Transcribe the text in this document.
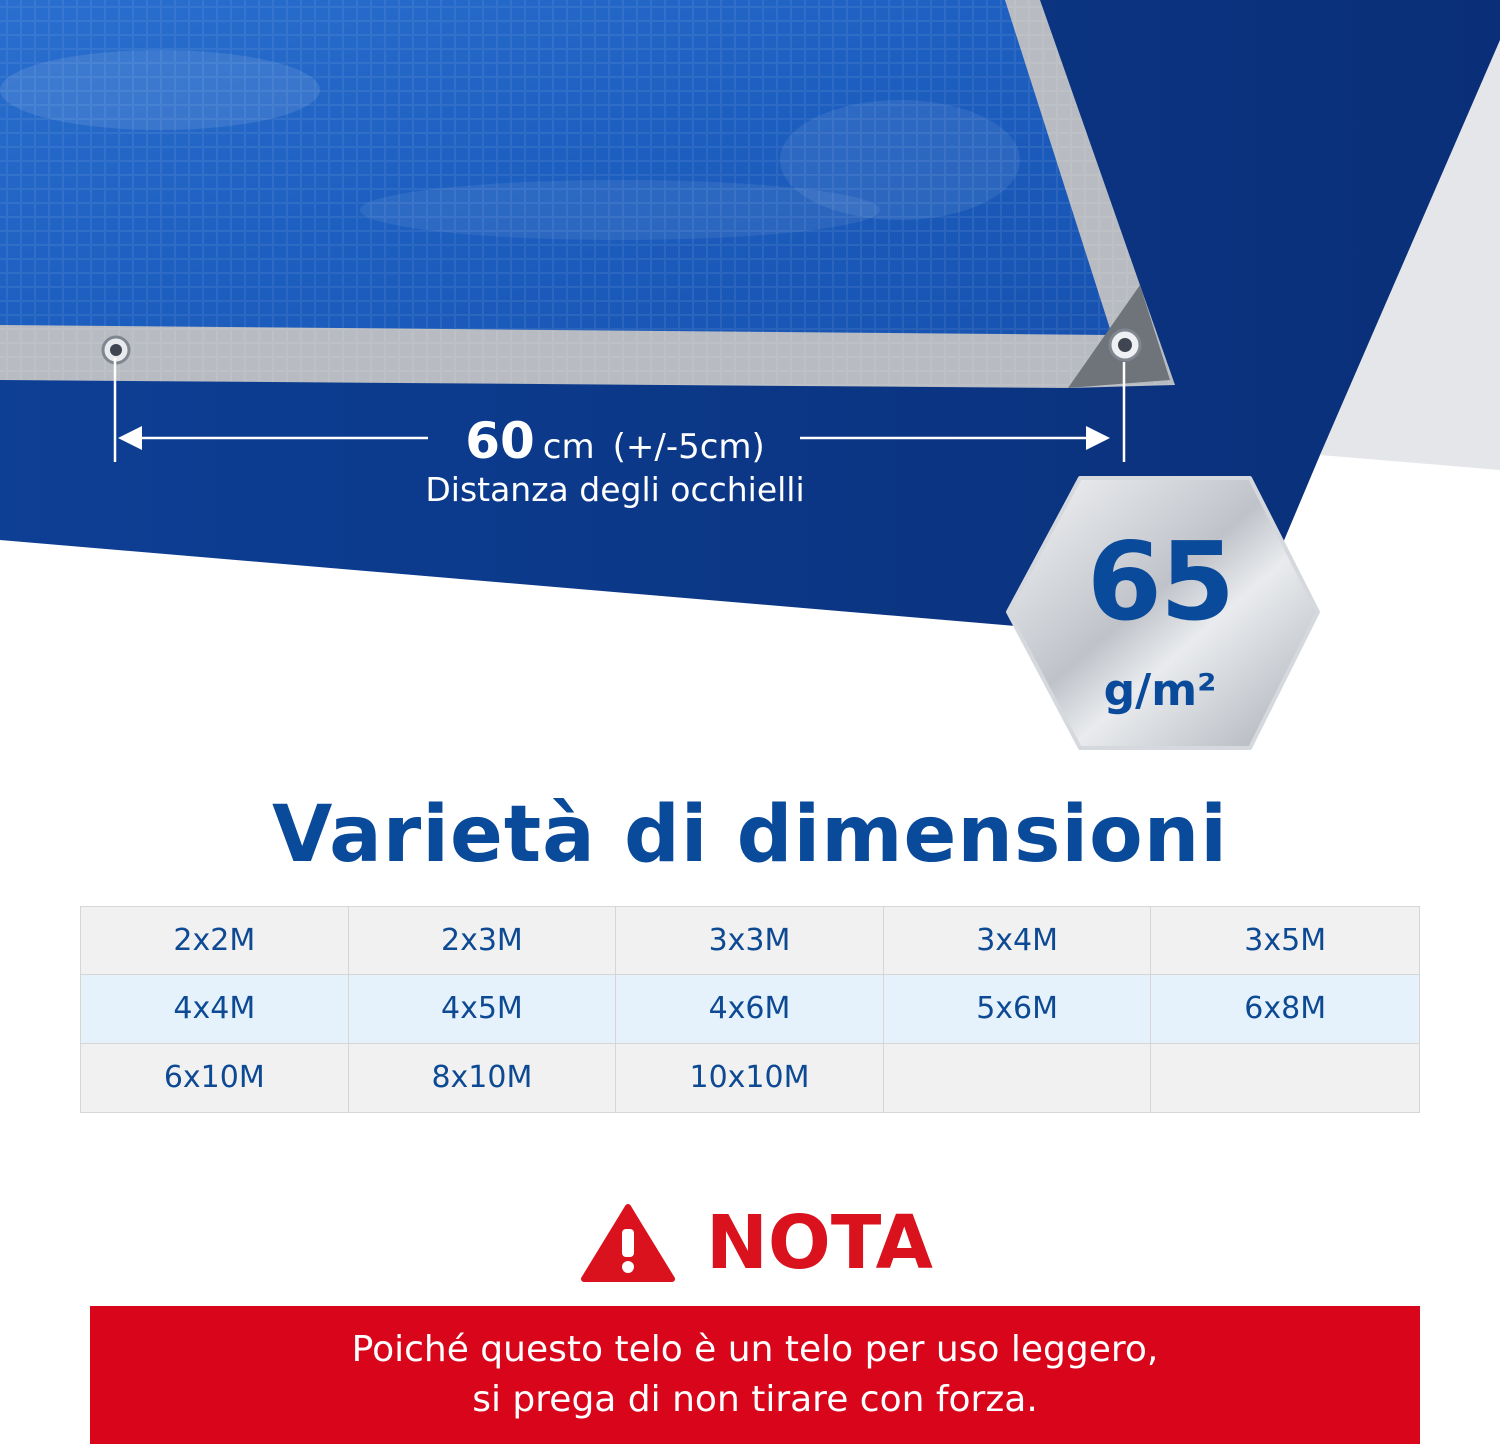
60 cm (+/-5cm)
Distanza degli occhielli
65
g/m²
Varietà di dimensioni
2x2M	2x3M	3x3M	3x4M	3x5M
4x4M	4x5M	4x6M	5x6M	6x8M
6x10M	8x10M	10x10M
NOTA
Poiché questo telo è un telo per uso leggero,
si prega di non tirare con forza.
